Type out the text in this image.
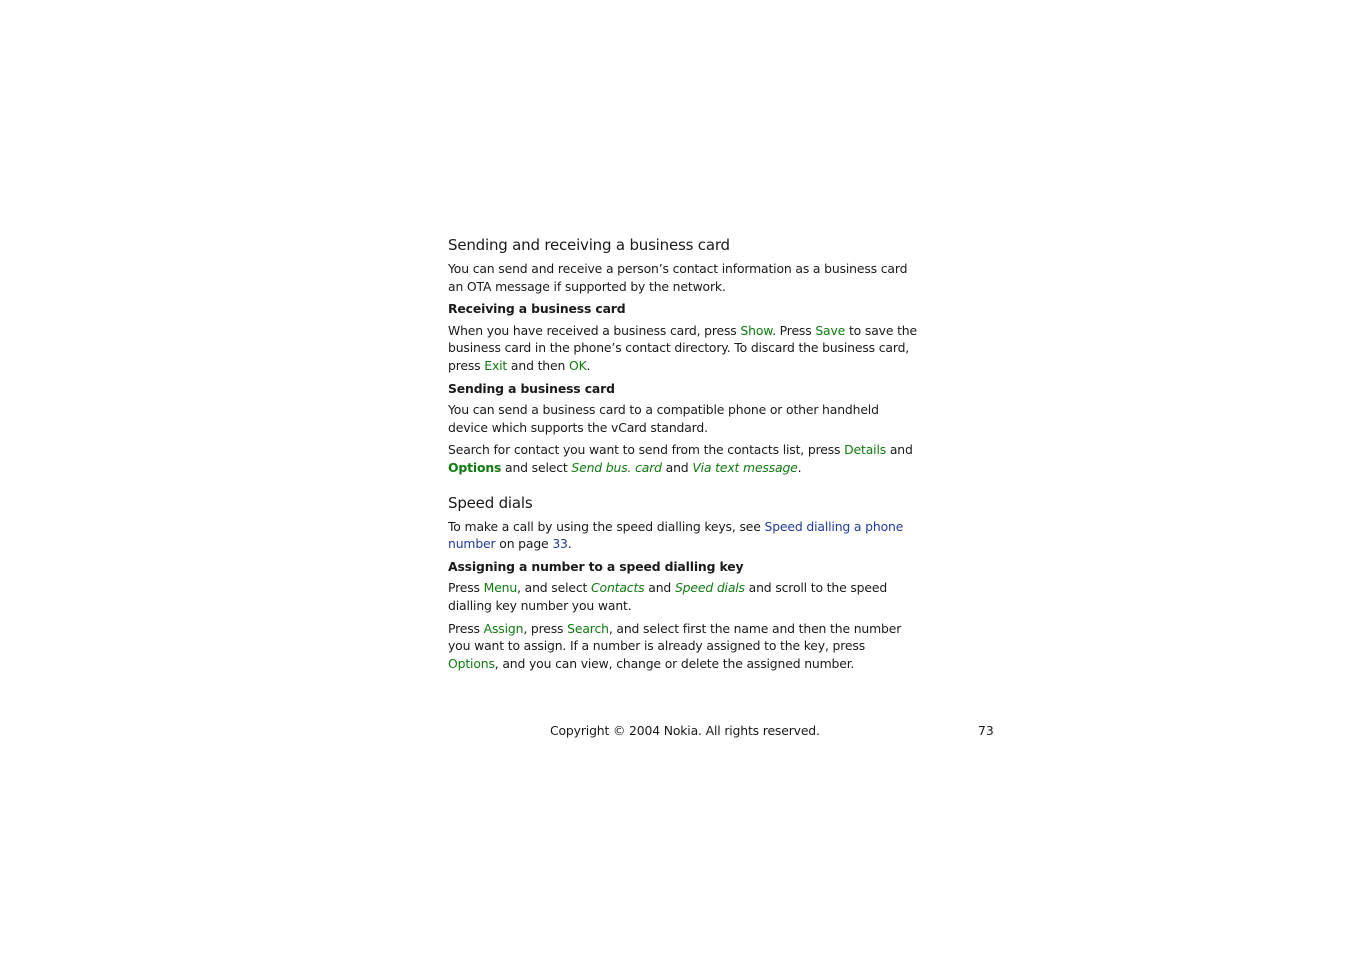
Sending and receiving a business card

You can send and receive a person’s contact information as a business card an OTA message if supported by the network.

Receiving a business card

When you have received a business card, press Show. Press Save to save the business card in the phone’s contact directory. To discard the business card, press Exit and then OK.

Sending a business card

You can send a business card to a compatible phone or other handheld device which supports the vCard standard.

Search for contact you want to send from the contacts list, press Details and Options and select Send bus. card and Via text message.

Speed dials

To make a call by using the speed dialling keys, see Speed dialling a phone number on page 33.

Assigning a number to a speed dialling key

Press Menu, and select Contacts and Speed dials and scroll to the speed dialling key number you want.

Press Assign, press Search, and select first the name and then the number you want to assign. If a number is already assigned to the key, press Options, and you can view, change or delete the assigned number.

Copyright © 2004 Nokia. All rights reserved.	73
